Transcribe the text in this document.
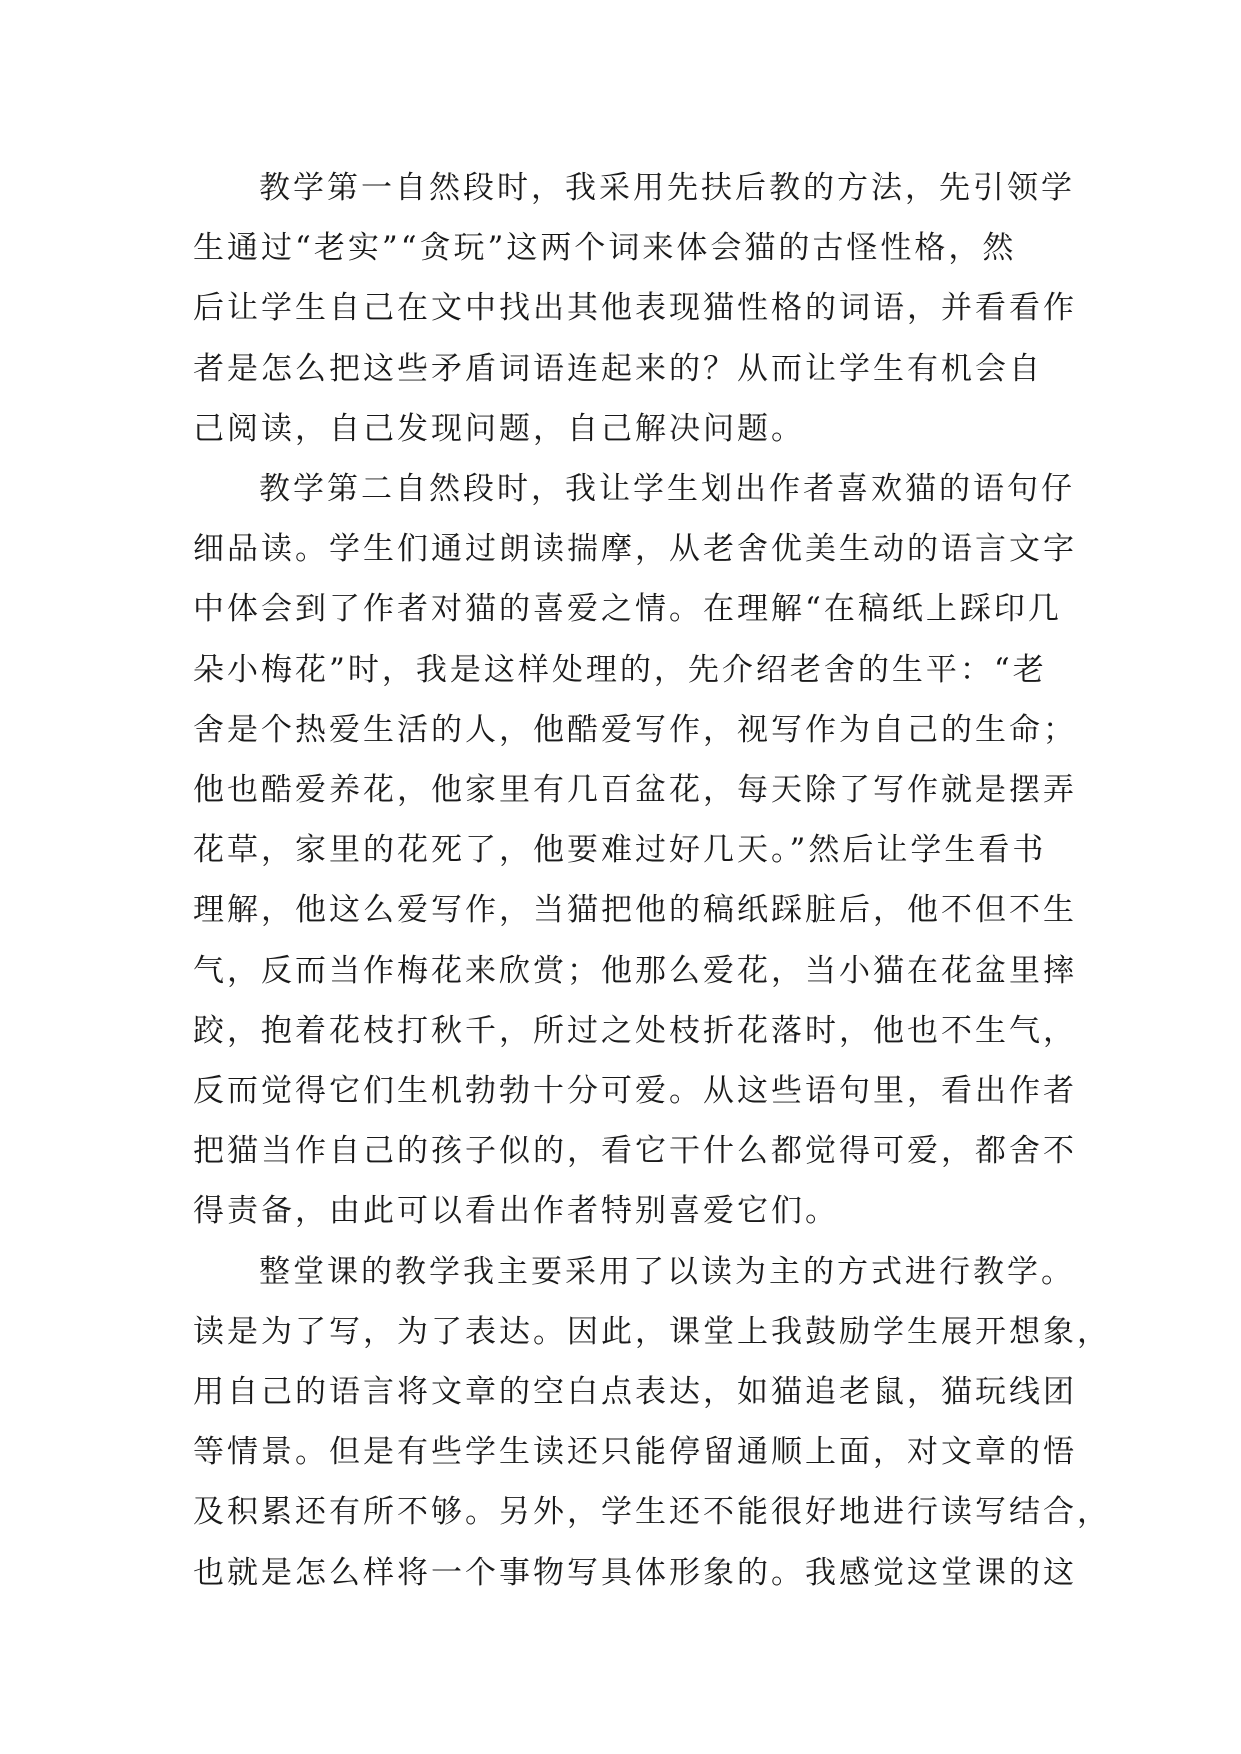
教学第一自然段时，我采用先扶后教的方法，先引领学
生通过“老实”“贪玩”这两个词来体会猫的古怪性格，然
后让学生自己在文中找出其他表现猫性格的词语，并看看作
者是怎么把这些矛盾词语连起来的？从而让学生有机会自
己阅读，自己发现问题，自己解决问题。

教学第二自然段时，我让学生划出作者喜欢猫的语句仔
细品读。学生们通过朗读揣摩，从老舍优美生动的语言文字
中体会到了作者对猫的喜爱之情。在理解“在稿纸上踩印几
朵小梅花”时，我是这样处理的，先介绍老舍的生平：“老
舍是个热爱生活的人，他酷爱写作，视写作为自己的生命；
他也酷爱养花，他家里有几百盆花，每天除了写作就是摆弄
花草，家里的花死了，他要难过好几天。”然后让学生看书
理解，他这么爱写作，当猫把他的稿纸踩脏后，他不但不生
气，反而当作梅花来欣赏；他那么爱花，当小猫在花盆里摔
跤，抱着花枝打秋千，所过之处枝折花落时，他也不生气，
反而觉得它们生机勃勃十分可爱。从这些语句里，看出作者
把猫当作自己的孩子似的，看它干什么都觉得可爱，都舍不
得责备，由此可以看出作者特别喜爱它们。

整堂课的教学我主要采用了以读为主的方式进行教学。
读是为了写，为了表达。因此，课堂上我鼓励学生展开想象，
用自己的语言将文章的空白点表达，如猫追老鼠，猫玩线团
等情景。但是有些学生读还只能停留通顺上面，对文章的悟
及积累还有所不够。另外，学生还不能很好地进行读写结合，
也就是怎么样将一个事物写具体形象的。我感觉这堂课的这
